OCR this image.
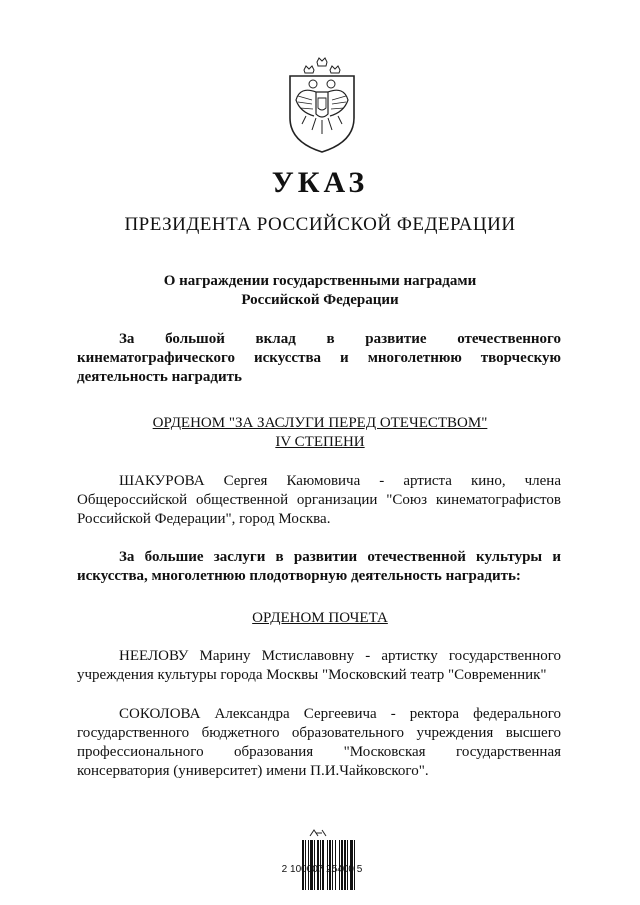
УКАЗ
ПРЕЗИДЕНТА РОССИЙСКОЙ ФЕДЕРАЦИИ
О награждении государственными наградами
Российской Федерации
За большой вклад в развитие отечественного кинематографического искусства и многолетнюю творческую деятельность наградить
ОРДЕНОМ "ЗА ЗАСЛУГИ ПЕРЕД ОТЕЧЕСТВОМ"
IV СТЕПЕНИ
ШАКУРОВА Сергея Каюмовича - артиста кино, члена Общероссийской общественной организации "Союз кинематографистов Российской Федерации", город Москва.
За большие заслуги в развитии отечественной культуры и искусства, многолетнюю плодотворную деятельность наградить:
ОРДЕНОМ ПОЧЕТА
НЕЕЛОВУ Марину Мстиславовну - артистку государственного учреждения культуры города Москвы "Московский театр "Современник"
СОКОЛОВА Александра Сергеевича - ректора федерального государственного бюджетного образовательного учреждения высшего профессионального образования "Московская государственная консерватория (университет) имени П.И.Чайковского".
2 100007 25400 5
